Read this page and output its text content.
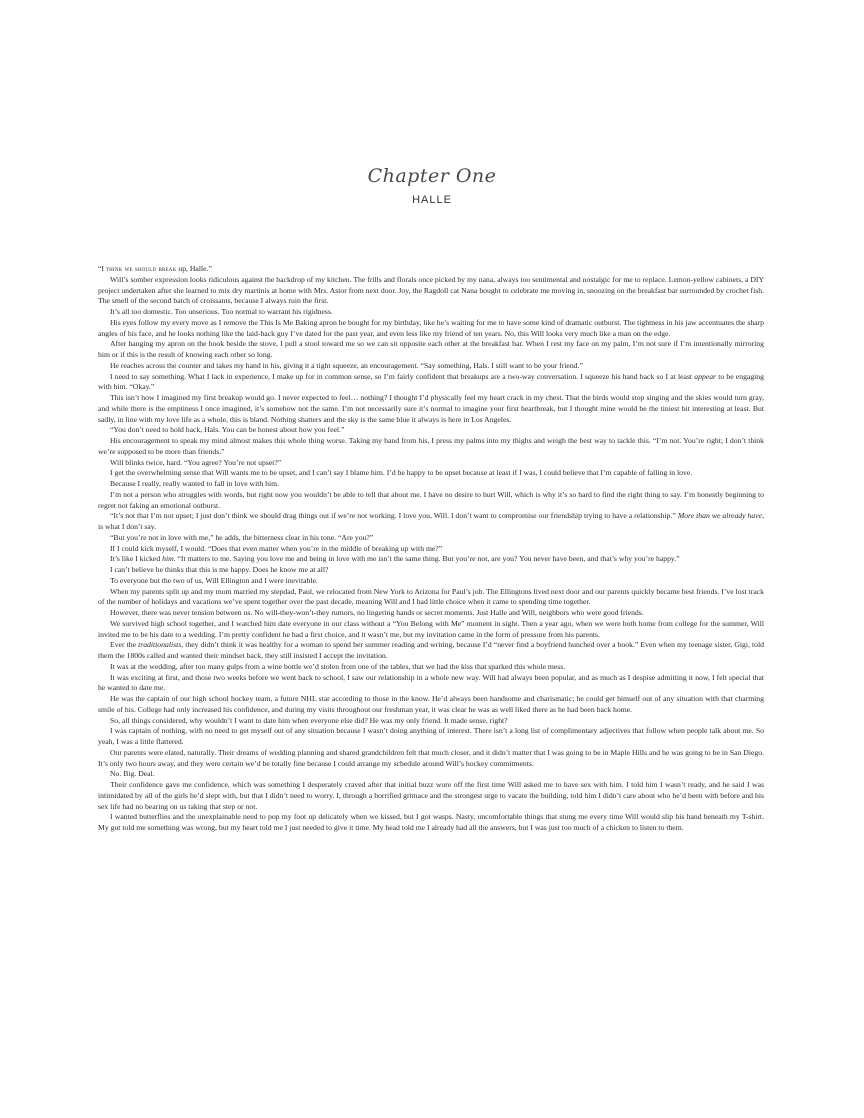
Chapter One
HALLE

“I think we should break up, Halle.”

Will’s somber expression looks ridiculous against the backdrop of my kitchen. The frills and florals once picked by my nana, always too sentimental and nostalgic for me to replace. Lemon-yellow cabinets, a DIY project undertaken after she learned to mix dry martinis at home with Mrs. Astor from next door. Joy, the Ragdoll cat Nana bought to celebrate me moving in, snoozing on the breakfast bar surrounded by crochet fish. The smell of the second batch of croissants, because I always ruin the first.

It’s all too domestic. Too unserious. Too normal to warrant his rigidness.

His eyes follow my every move as I remove the This Is Me Baking apron he bought for my birthday, like he’s waiting for me to have some kind of dramatic outburst. The tightness in his jaw accentuates the sharp angles of his face, and he looks nothing like the laid-back guy I’ve dated for the past year, and even less like my friend of ten years. No, this Will looks very much like a man on the edge.

After hanging my apron on the hook beside the stove, I pull a stool toward me so we can sit opposite each other at the breakfast bar. When I rest my face on my palm, I’m not sure if I’m intentionally mirroring him or if this is the result of knowing each other so long.

He reaches across the counter and takes my hand in his, giving it a tight squeeze, an encouragement. “Say something, Hals. I still want to be your friend.”

I need to say something. What I lack in experience, I make up for in common sense, so I’m fairly confident that breakups are a two-way conversation. I squeeze his hand back so I at least appear to be engaging with him. “Okay.”

This isn’t how I imagined my first breakup would go. I never expected to feel… nothing? I thought I’d physically feel my heart crack in my chest. That the birds would stop singing and the skies would turn gray, and while there is the emptiness I once imagined, it’s somehow not the same. I’m not necessarily sure it’s normal to imagine your first heartbreak, but I thought mine would be the tiniest bit interesting at least. But sadly, in line with my love life as a whole, this is bland. Nothing shatters and the sky is the same blue it always is here in Los Angeles.

“You don’t need to hold back, Hals. You can be honest about how you feel.”

His encouragement to speak my mind almost makes this whole thing worse. Taking my hand from his, I press my palms into my thighs and weigh the best way to tackle this. “I’m not. You’re right; I don’t think we’re supposed to be more than friends.”

Will blinks twice, hard. “You agree? You’re not upset?”

I get the overwhelming sense that Will wants me to be upset, and I can’t say I blame him. I’d be happy to be upset because at least if I was, I could believe that I’m capable of falling in love.

Because I really, really wanted to fall in love with him.

I’m not a person who struggles with words, but right now you wouldn’t be able to tell that about me. I have no desire to hurt Will, which is why it’s so hard to find the right thing to say. I’m honestly beginning to regret not faking an emotional outburst.

“It’s not that I’m not upset; I just don’t think we should drag things out if we’re not working. I love you, Will. I don’t want to compromise our friendship trying to have a relationship.” More than we already have, is what I don’t say.

“But you’re not in love with me,” he adds, the bitterness clear in his tone. “Are you?”

If I could kick myself, I would. “Does that even matter when you’re in the middle of breaking up with me?”

It’s like I kicked him. “It matters to me. Saying you love me and being in love with me isn’t the same thing. But you’re not, are you? You never have been, and that’s why you’re happy.”

I can’t believe he thinks that this is me happy. Does he know me at all?

To everyone but the two of us, Will Ellington and I were inevitable.

When my parents split up and my mom married my stepdad, Paul, we relocated from New York to Arizona for Paul’s job. The Ellingtons lived next door and our parents quickly became best friends. I’ve lost track of the number of holidays and vacations we’ve spent together over the past decade, meaning Will and I had little choice when it came to spending time together.

However, there was never tension between us. No will-they-won’t-they rumors, no lingering hands or secret moments. Just Halle and Will, neighbors who were good friends.

We survived high school together, and I watched him date everyone in our class without a “You Belong with Me” moment in sight. Then a year ago, when we were both home from college for the summer, Will invited me to be his date to a wedding. I’m pretty confident he had a first choice, and it wasn’t me, but my invitation came in the form of pressure from his parents.

Ever the traditionalists, they didn’t think it was healthy for a woman to spend her summer reading and writing, because I’d “never find a boyfriend hunched over a book.” Even when my teenage sister, Gigi, told them the 1800s called and wanted their mindset back, they still insisted I accept the invitation.

It was at the wedding, after too many gulps from a wine bottle we’d stolen from one of the tables, that we had the kiss that sparked this whole mess.

It was exciting at first, and those two weeks before we went back to school, I saw our relationship in a whole new way. Will had always been popular, and as much as I despise admitting it now, I felt special that he wanted to date me.

He was the captain of our high school hockey team, a future NHL star according to those in the know. He’d always been handsome and charismatic; he could get himself out of any situation with that charming smile of his. College had only increased his confidence, and during my visits throughout our freshman year, it was clear he was as well liked there as he had been back home.

So, all things considered, why wouldn’t I want to date him when everyone else did? He was my only friend. It made sense, right?

I was captain of nothing, with no need to get myself out of any situation because I wasn’t doing anything of interest. There isn’t a long list of complimentary adjectives that follow when people talk about me. So yeah, I was a little flattered.

Our parents were elated, naturally. Their dreams of wedding planning and shared grandchildren felt that much closer, and it didn’t matter that I was going to be in Maple Hills and he was going to be in San Diego. It’s only two hours away, and they were certain we’d be totally fine because I could arrange my schedule around Will’s hockey commitments.

No. Big. Deal.

Their confidence gave me confidence, which was something I desperately craved after that initial buzz wore off the first time Will asked me to have sex with him. I told him I wasn’t ready, and he said I was intimidated by all of the girls he’d slept with, but that I didn’t need to worry. I, through a horrified grimace and the strongest urge to vacate the building, told him I didn’t care about who he’d been with before and his sex life had no bearing on us taking that step or not.

I wanted butterflies and the unexplainable need to pop my foot up delicately when we kissed, but I got wasps. Nasty, uncomfortable things that stung me every time Will would slip his hand beneath my T-shirt. My gut told me something was wrong, but my heart told me I just needed to give it time. My head told me I already had all the answers, but I was just too much of a chicken to listen to them.
